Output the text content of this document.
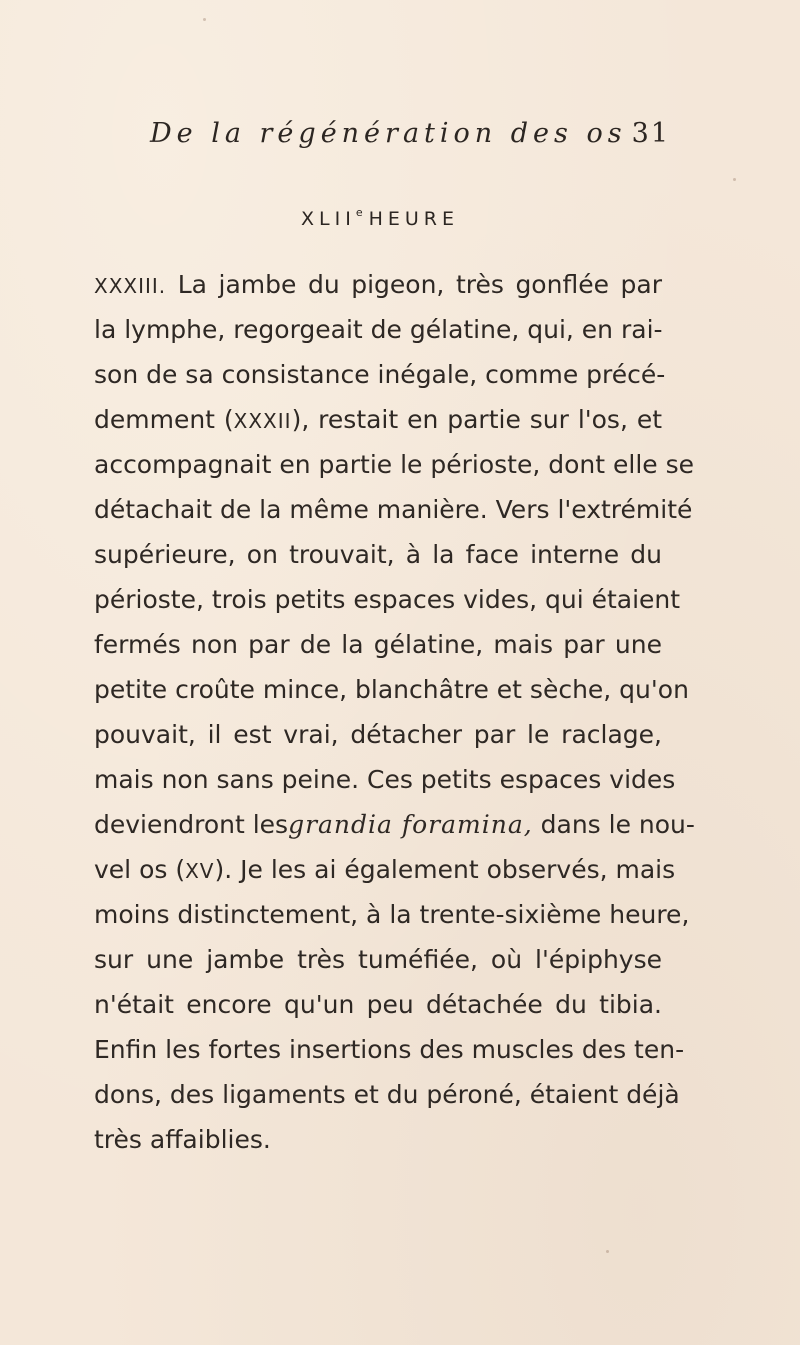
De la régénération des os 31
XLIIe HEURE
XXXIII. La jambe du pigeon, très gonflée par
la lymphe, regorgeait de gélatine, qui, en rai-
son de sa consistance inégale, comme précé-
demment (XXXII), restait en partie sur l'os, et
accompagnait en partie le périoste, dont elle se
détachait de la même manière. Vers l'extrémité
supérieure, on trouvait, à la face interne du
périoste, trois petits espaces vides, qui étaient
fermés non par de la gélatine, mais par une
petite croûte mince, blanchâtre et sèche, qu'on
pouvait, il est vrai, détacher par le raclage,
mais non sans peine. Ces petits espaces vides
deviendront lesgrandia foramina, dans le nou-
vel os (XV). Je les ai également observés, mais
moins distinctement, à la trente-sixième heure,
sur une jambe très tuméfiée, où l'épiphyse
n'était encore qu'un peu détachée du tibia.
Enfin les fortes insertions des muscles des ten-
dons, des ligaments et du péroné, étaient déjà
très affaiblies.
